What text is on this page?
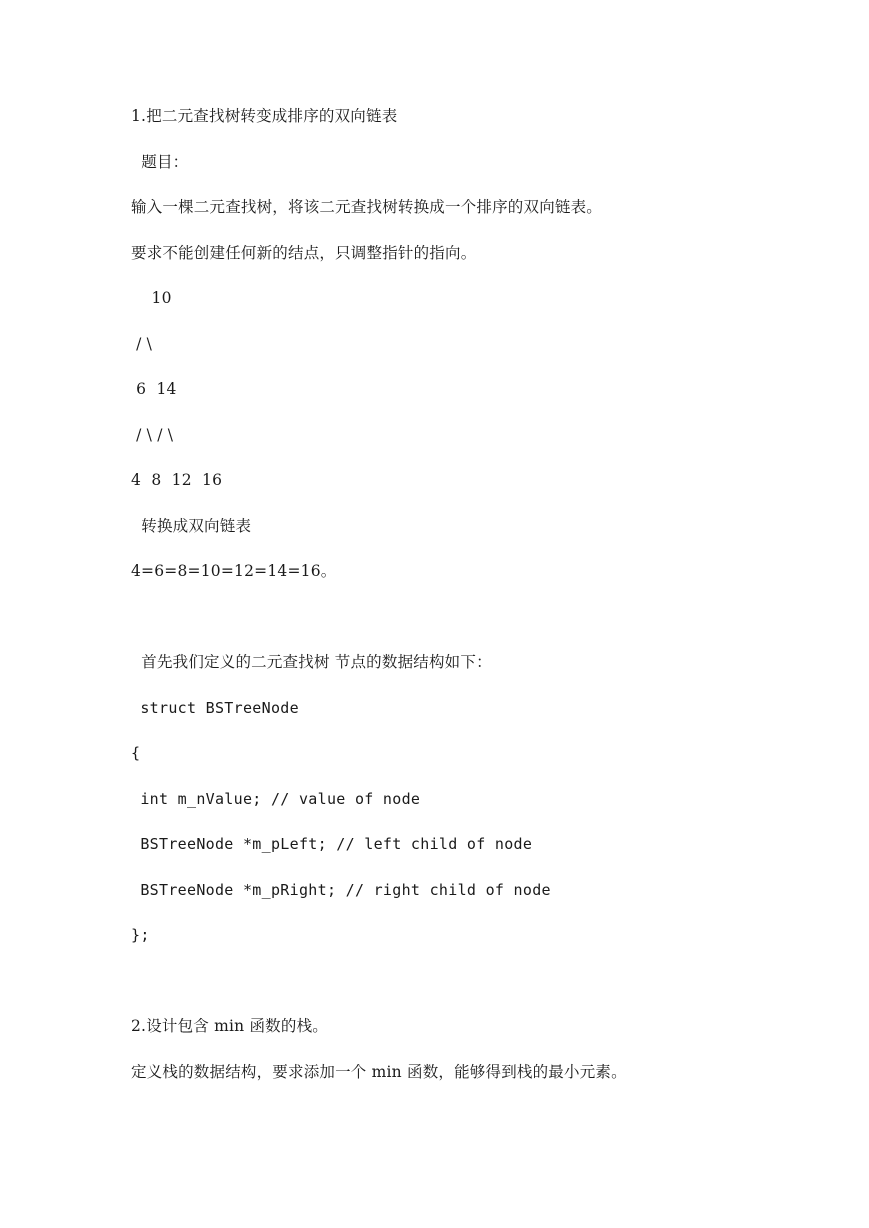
1.把二元查找树转变成排序的双向链表
题目：
输入一棵二元查找树，将该二元查找树转换成一个排序的双向链表。
要求不能创建任何新的结点，只调整指针的指向。
10
/ \
6  14
/ \ / \
4  8  12  16
转换成双向链表
4=6=8=10=12=14=16。
首先我们定义的二元查找树 节点的数据结构如下：
struct BSTreeNode
{
int m_nValue; // value of node
BSTreeNode *m_pLeft; // left child of node
BSTreeNode *m_pRight; // right child of node
};
2.设计包含 min 函数的栈。
定义栈的数据结构，要求添加一个 min 函数，能够得到栈的最小元素。
